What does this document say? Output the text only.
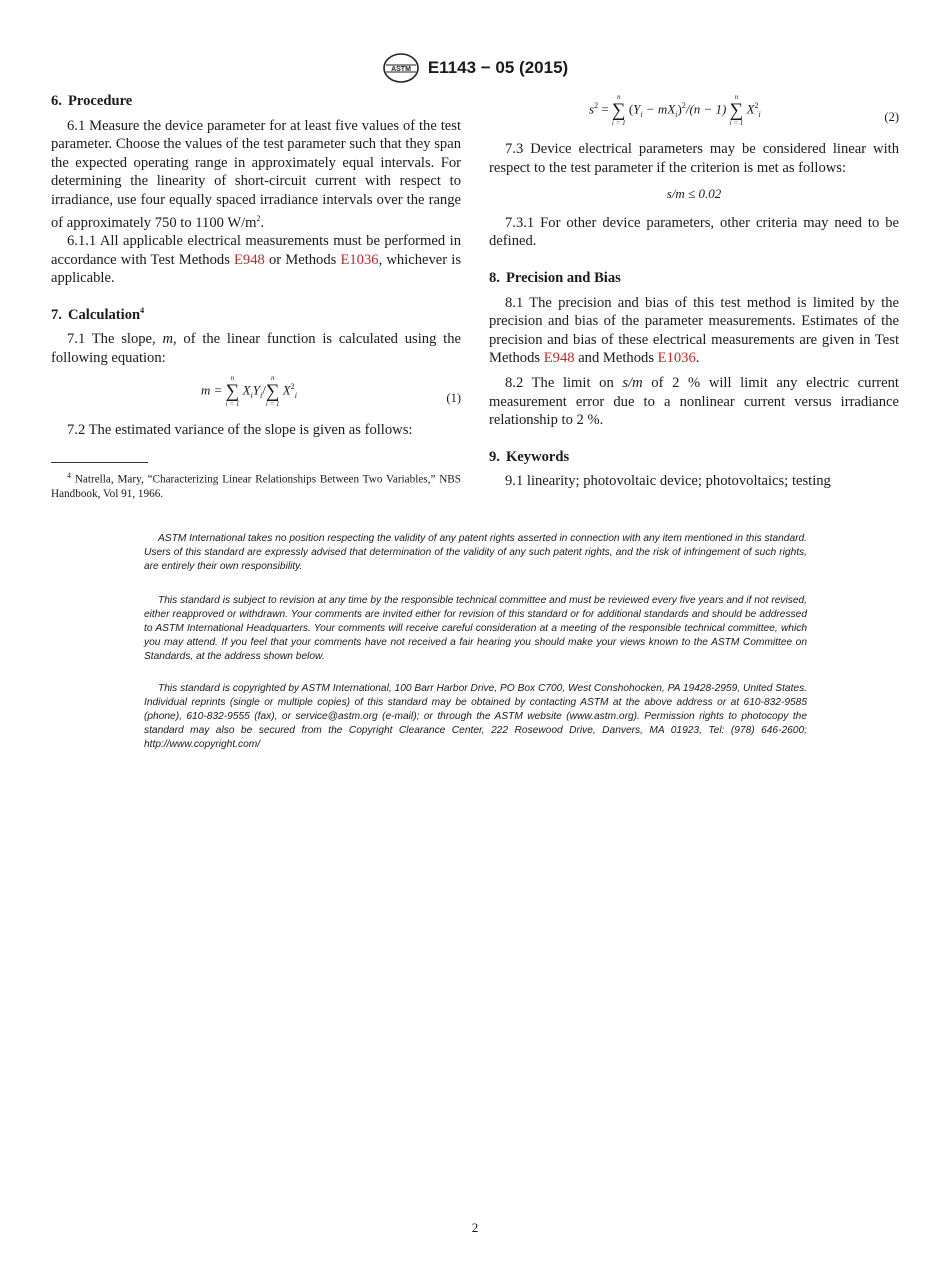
ASTM E1143 − 05 (2015)
6. Procedure

6.1 Measure the device parameter for at least five values of the test parameter. Choose the values of the test parameter such that they span the expected operating range in approximately equal intervals. For determining the linearity of short-circuit current with respect to irradiance, use four equally spaced irradiance intervals over the range of approximately 750 to 1100 $W/m^2$.

6.1.1 All applicable electrical measurements must be performed in accordance with Test Methods E948 or Methods E1036, whichever is applicable.

7. Calculation$^4$

7.1 The slope, m, of the linear function is calculated using the following equation:

m =
n
∑
i = 1
$X_iY_i/$
n
∑
i = 1
$X^2_i$	(1)

7.2 The estimated variance of the slope is given as follows:

$^4$ Natrella, Mary, “Characterizing Linear Relationships Between Two Variables,” NBS Handbook, Vol 91, 1966.

$s^2$ =
n
∑
i = 1
$(Y_i - mX_i)^2/(n - 1)$
n
∑
i = 1
$X^2_i$	(2)

7.3 Device electrical parameters may be considered linear with respect to the test parameter if the criterion is met as follows:

s/m ≤ 0.02

7.3.1 For other device parameters, other criteria may need to be defined.

8. Precision and Bias

8.1 The precision and bias of this test method is limited by the precision and bias of the parameter measurements. Estimates of the precision and bias of these electrical measurements are given in Test Methods E948 and Methods E1036.

8.2 The limit on s/m of 2 % will limit any electric current measurement error due to a nonlinear current versus irradiance relationship to 2 %.

9. Keywords

9.1 linearity; photovoltaic device; photovoltaics; testing

ASTM International takes no position respecting the validity of any patent rights asserted in connection with any item mentioned in this standard. Users of this standard are expressly advised that determination of the validity of any such patent rights, and the risk of infringement of such rights, are entirely their own responsibility.

This standard is subject to revision at any time by the responsible technical committee and must be reviewed every five years and if not revised, either reapproved or withdrawn. Your comments are invited either for revision of this standard or for additional standards and should be addressed to ASTM International Headquarters. Your comments will receive careful consideration at a meeting of the responsible technical committee, which you may attend. If you feel that your comments have not received a fair hearing you should make your views known to the ASTM Committee on Standards, at the address shown below.

This standard is copyrighted by ASTM International, 100 Barr Harbor Drive, PO Box C700, West Conshohocken, PA 19428-2959, United States. Individual reprints (single or multiple copies) of this standard may be obtained by contacting ASTM at the above address or at 610-832-9585 (phone), 610-832-9555 (fax), or service@astm.org (e-mail); or through the ASTM website (www.astm.org). Permission rights to photocopy the standard may also be secured from the Copyright Clearance Center, 222 Rosewood Drive, Danvers, MA 01923, Tel: (978) 646-2600; http://www.copyright.com/

2
